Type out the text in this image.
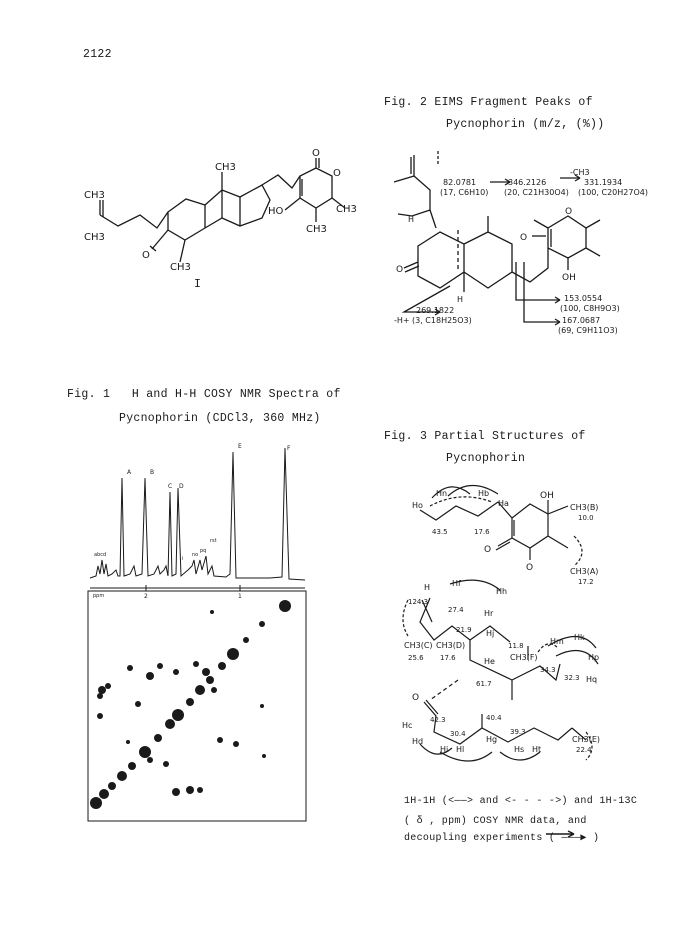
2122
CH3
CH3
CH3
CH3
O
O
O
HO
CH3
CH3
I
Fig. 1 H and H-H COSY NMR Spectra of
Pycnophorin (CDCl3, 360 MHz)
A	B
C D
E	F
abcd
pq
rst
no
i
ppm	2	1
Fig. 2 EIMS Fragment Peaks of
Pycnophorin (m/z, (%))
H
H
O
O
O
OH
82.0781
(17, C6H10)
346.2126
(20, C21H30O4)
-CH3
331.1934
(100, C20H27O4)
269.1822
-H+ (3, C18H25O3)
153.0554
(100, C8H9O3)
167.0687
(69, C9H11O3)
Fig. 3 Partial Structures of
Pycnophorin
Hn	Hb
Ho	Ha
43.5	17.6
OH
CH3(B)
10.0
CH3(A)
17.2
O
O
H	Hf
Hh
124.3
27.4	Hr
21.9 Hj
11.8
CH3(F)
He
Hm Hk
Hp
Hq
34.3
32.3
61.7
CH3(C) CH3(D)
25.6 17.6
O
Hc
Hd
42.3
30.4
40.4
39.3
Hl
Hi
Hg
Hs Ht
CH3(E)
22.4
1H-1H (<——> and <- - - ->) and 1H-13C
( δ , ppm) COSY NMR data, and
decoupling experiments ( ———▶ )
